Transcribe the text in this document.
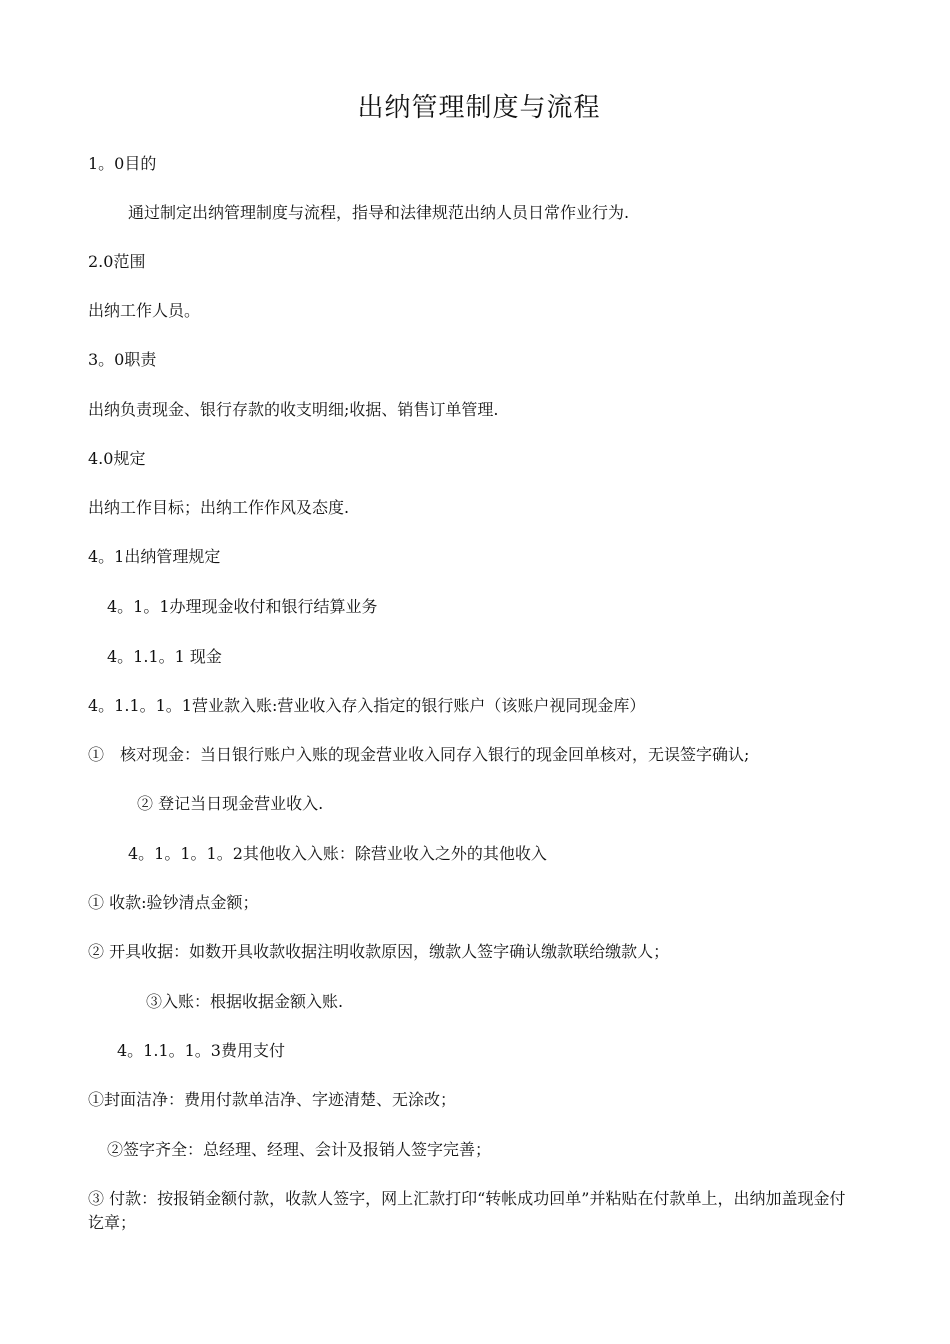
出纳管理制度与流程

1。0目的

通过制定出纳管理制度与流程，指导和法律规范出纳人员日常作业行为.

2.0范围

出纳工作人员。

3。0职责

出纳负责现金、银行存款的收支明细;收据、销售订单管理.

4.0规定

出纳工作目标；出纳工作作风及态度.

4。1出纳管理规定

4。1。1办理现金收付和银行结算业务

4。1.1。1 现金

4。1.1。1。1营业款入账:营业收入存入指定的银行账户（该账户视同现金库）

①　核对现金：当日银行账户入账的现金营业收入同存入银行的现金回单核对，无误签字确认;

② 登记当日现金营业收入.

4。1。1。1。2其他收入入账：除营业收入之外的其他收入

① 收款:验钞清点金额；

② 开具收据：如数开具收款收据注明收款原因，缴款人签字确认缴款联给缴款人；

③入账：根据收据金额入账.

4。1.1。1。3费用支付

①封面洁净：费用付款单洁净、字迹清楚、无涂改；

②签字齐全：总经理、经理、会计及报销人签字完善；

③ 付款：按报销金额付款，收款人签字，网上汇款打印“转帐成功回单”并粘贴在付款单上，出纳加盖现金付讫章；
